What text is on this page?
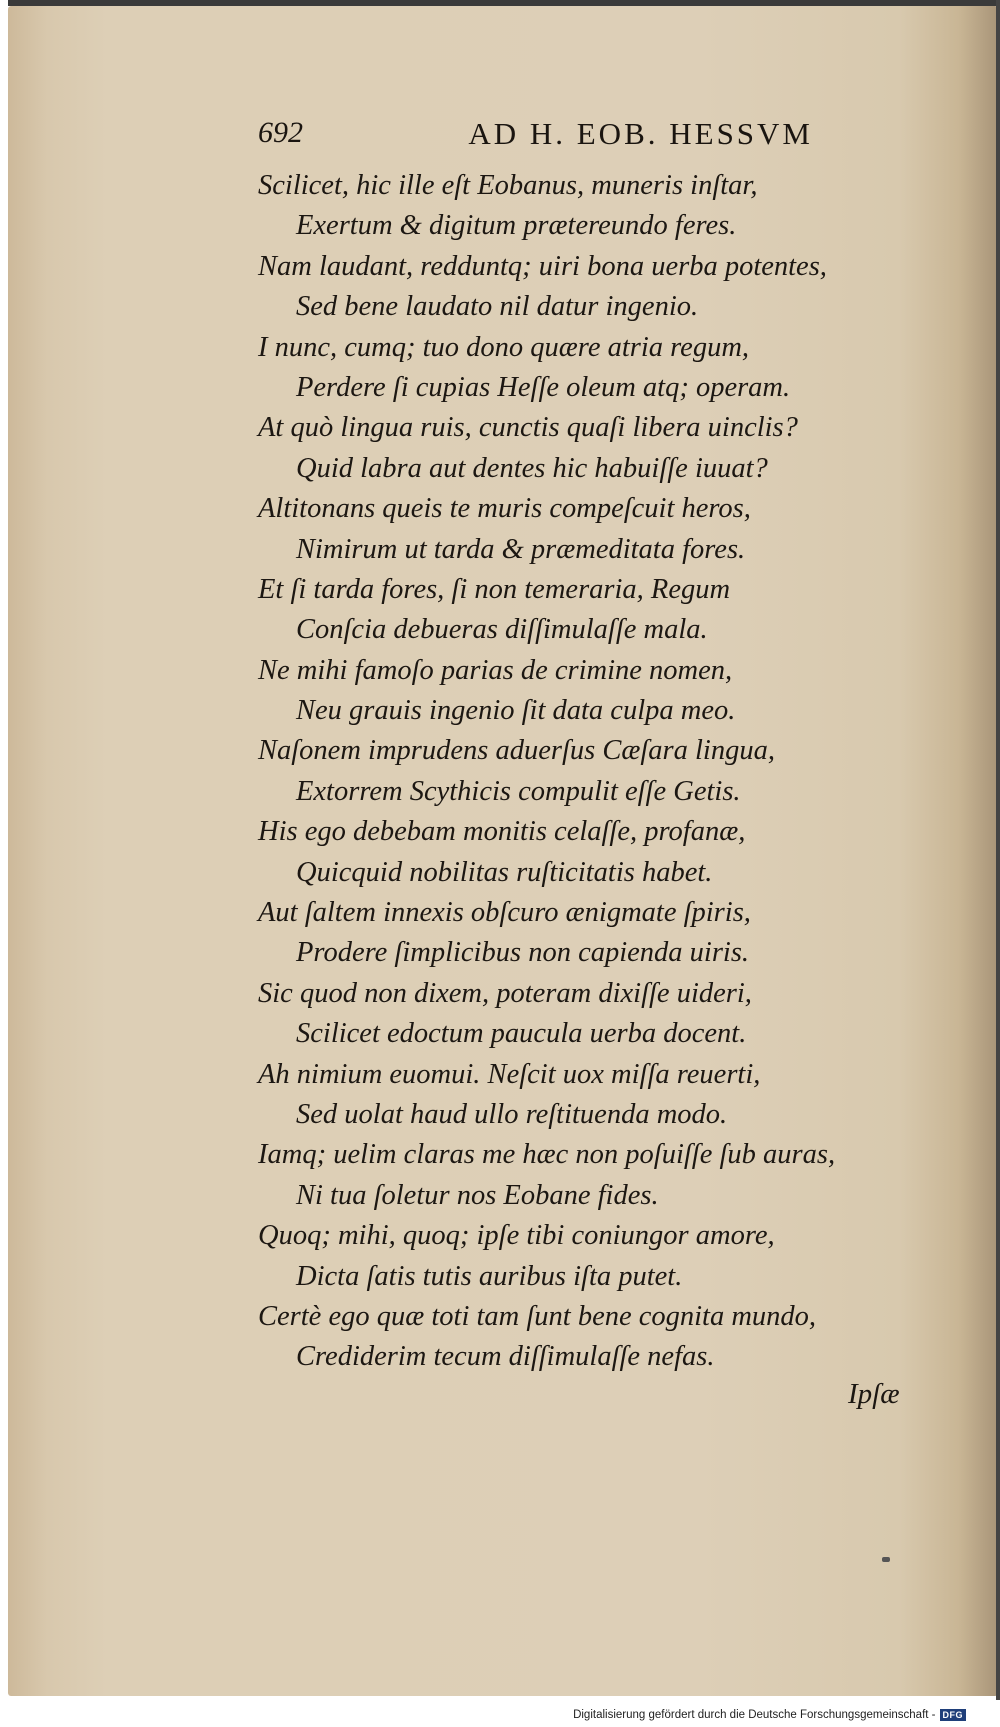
692	AD H. EOB. HESSVM
Scilicet, hic ille eſt Eobanus, muneris inſtar,
Exertum & digitum prætereundo feres.
Nam laudant, redduntq; uiri bona uerba potentes,
Sed bene laudato nil datur ingenio.
I nunc, cumq; tuo dono quære atria regum,
Perdere ſi cupias Heſſe oleum atq; operam.
At quò lingua ruis, cunctis quaſi libera uinclis?
Quid labra aut dentes hic habuiſſe iuuat?
Altitonans queis te muris compeſcuit heros,
Nimirum ut tarda & præmeditata fores.
Et ſi tarda fores, ſi non temeraria, Regum
Conſcia debueras diſſimulaſſe mala.
Ne mihi famoſo parias de crimine nomen,
Neu grauis ingenio ſit data culpa meo.
Naſonem imprudens aduerſus Cæſara lingua,
Extorrem Scythicis compulit eſſe Getis.
His ego debebam monitis celaſſe, profanæ,
Quicquid nobilitas ruſticitatis habet.
Aut ſaltem innexis obſcuro ænigmate ſpiris,
Prodere ſimplicibus non capienda uiris.
Sic quod non dixem, poteram dixiſſe uideri,
Scilicet edoctum paucula uerba docent.
Ah nimium euomui. Neſcit uox miſſa reuerti,
Sed uolat haud ullo reſtituenda modo.
Iamq; uelim claras me hæc non poſuiſſe ſub auras,
Ni tua ſoletur nos Eobane fides.
Quoq; mihi, quoq; ipſe tibi coniungor amore,
Dicta ſatis tutis auribus iſta putet.
Certè ego quæ toti tam ſunt bene cognita mundo,
Crediderim tecum diſſimulaſſe nefas.
Ipſæ
Digitalisierung gefördert durch die Deutsche Forschungsgemeinschaft - DFG
